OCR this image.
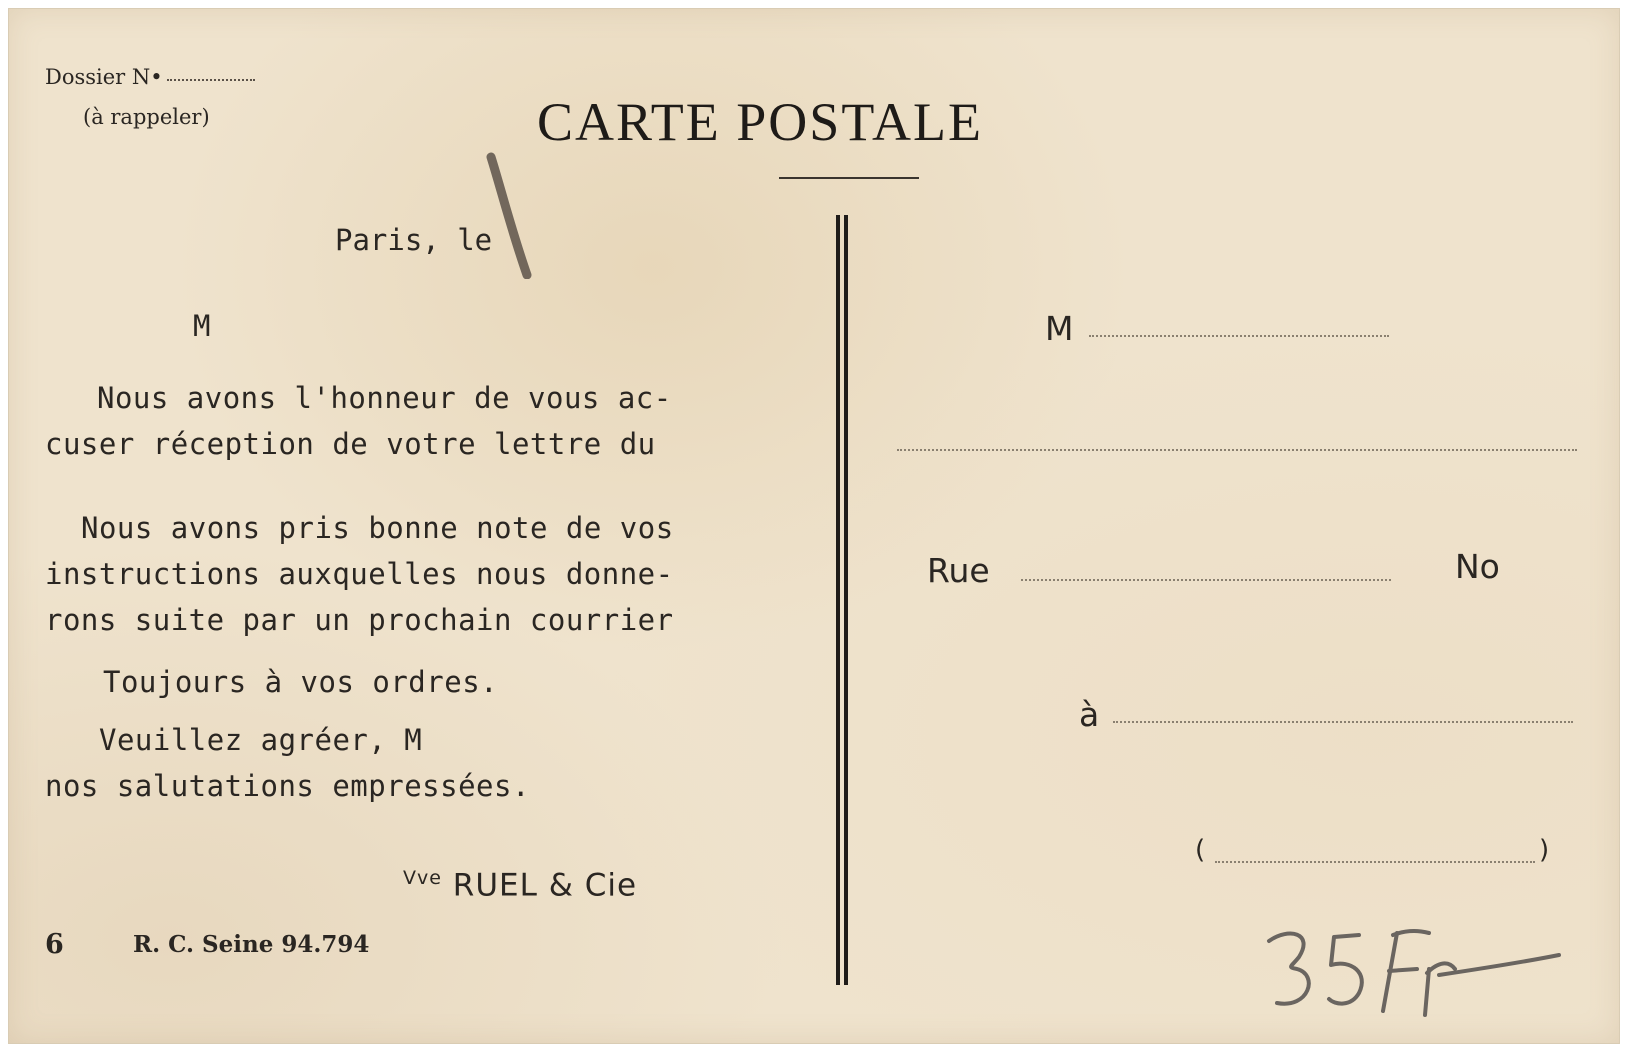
Dossier N•
(à rappeler)	CARTE POSTALE
Paris, le
M
Nous avons l'honneur de vous ac-
cuser réception de votre lettre du
Nous avons pris bonne note de vos
instructions auxquelles nous donne-
rons suite par un prochain courrier
Toujours à vos ordres.
Veuillez agréer, M
nos salutations empressées.
$^{Vve}$ RUEL & Cie
6	R. C. Seine 94.794
M
Rue	No
à
(	)
